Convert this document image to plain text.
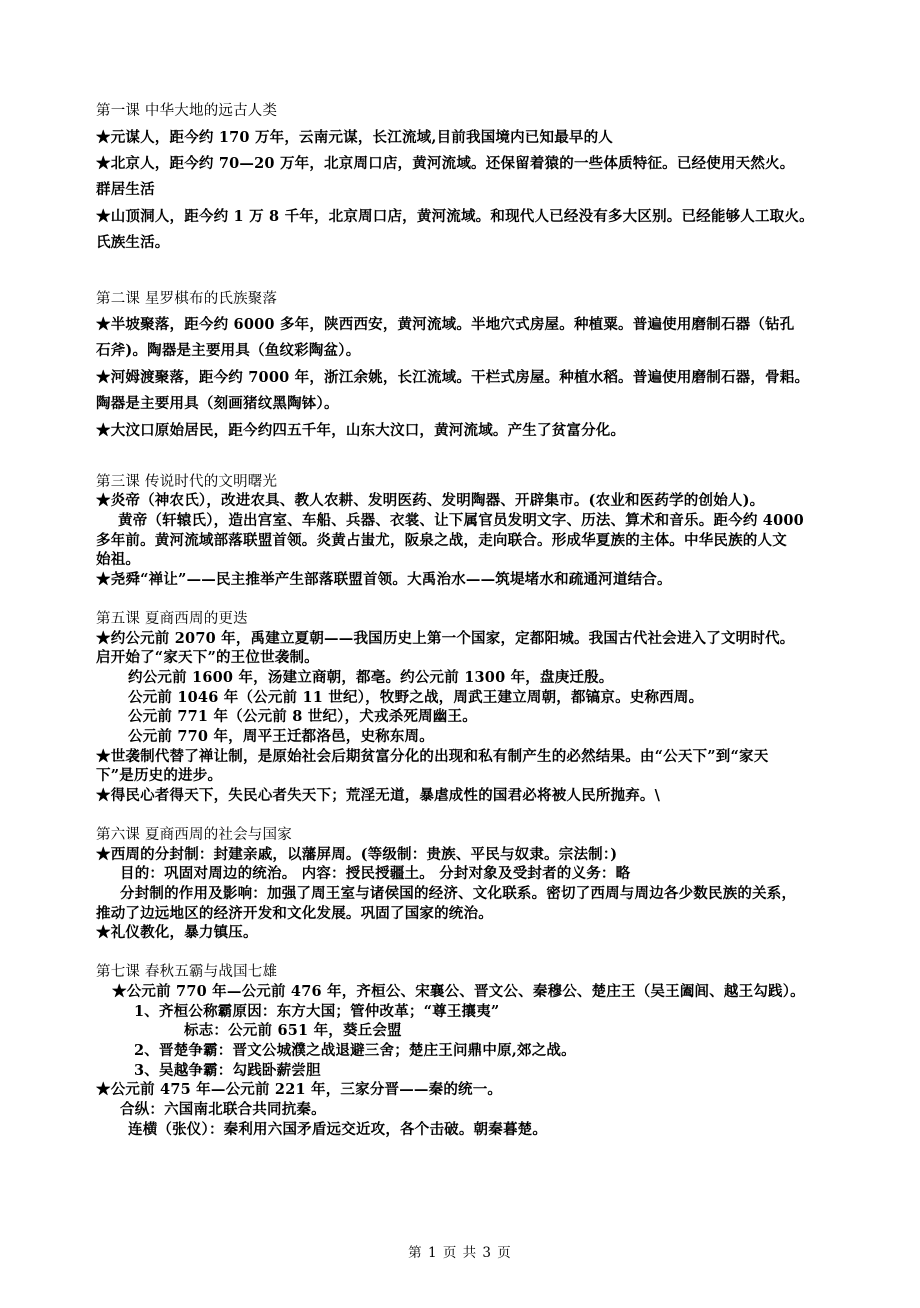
第一课 中华大地的远古人类
★元谋人，距今约 170 万年，云南元谋，长江流域,目前我国境内已知最早的人
★北京人，距今约 70—20 万年，北京周口店，黄河流域。还保留着猿的一些体质特征。已经使用天然火。
群居生活
★山顶洞人，距今约 1 万 8 千年，北京周口店，黄河流域。和现代人已经没有多大区别。已经能够人工取火。
氏族生活。
第二课 星罗棋布的氏族聚落
★半坡聚落，距今约 6000 多年，陕西西安，黄河流域。半地穴式房屋。种植粟。普遍使用磨制石器（钻孔
石斧)。陶器是主要用具（鱼纹彩陶盆）。
★河姆渡聚落，距今约 7000 年，浙江余姚，长江流域。干栏式房屋。种植水稻。普遍使用磨制石器，骨耜。
陶器是主要用具（刻画猪纹黑陶钵）。
★大汶口原始居民，距今约四五千年，山东大汶口，黄河流域。产生了贫富分化。
第三课 传说时代的文明曙光
★炎帝（神农氏），改进农具、教人农耕、发明医药、发明陶器、开辟集市。(农业和医药学的创始人)。
黄帝（轩辕氏），造出宫室、车船、兵器、衣裳、让下属官员发明文字、历法、算术和音乐。距今约 4000
多年前。黄河流域部落联盟首领。炎黄占蚩尤，阪泉之战，走向联合。形成华夏族的主体。中华民族的人文
始祖。
★尧舜“禅让”——民主推举产生部落联盟首领。大禹治水——筑堤堵水和疏通河道结合。
第五课 夏商西周的更迭
★约公元前 2070 年，禹建立夏朝——我国历史上第一个国家，定都阳城。我国古代社会进入了文明时代。
启开始了“家天下”的王位世袭制。
约公元前 1600 年，汤建立商朝，都亳。约公元前 1300 年，盘庚迁殷。
公元前 1046 年（公元前 11 世纪），牧野之战，周武王建立周朝，都镐京。史称西周。
公元前 771 年（公元前 8 世纪），犬戎杀死周幽王。
公元前 770 年，周平王迁都洛邑，史称东周。
★世袭制代替了禅让制，是原始社会后期贫富分化的出现和私有制产生的必然结果。由“公天下”到“家天
下”是历史的进步。
★得民心者得天下，失民心者失天下；荒淫无道，暴虐成性的国君必将被人民所抛弃。\
第六课 夏商西周的社会与国家
★西周的分封制：封建亲戚，以藩屏周。(等级制：贵族、平民与奴隶。宗法制：)
目的：巩固对周边的统治。 内容：授民授疆土。 分封对象及受封者的义务：略
分封制的作用及影响：加强了周王室与诸侯国的经济、文化联系。密切了西周与周边各少数民族的关系，
推动了边远地区的经济开发和文化发展。巩固了国家的统治。
★礼仪教化，暴力镇压。
第七课 春秋五霸与战国七雄
★公元前 770 年—公元前 476 年，齐桓公、宋襄公、晋文公、秦穆公、楚庄王（吴王阖闾、越王勾践）。
1、齐桓公称霸原因：东方大国；管仲改革；“尊王攘夷”
标志：公元前 651 年，葵丘会盟
2、晋楚争霸：晋文公城濮之战退避三舍；楚庄王问鼎中原,郊之战。
3、吴越争霸：勾践卧薪尝胆
★公元前 475 年—公元前 221 年，三家分晋——秦的统一。
合纵：六国南北联合共同抗秦。
连横（张仪）：秦利用六国矛盾远交近攻，各个击破。朝秦暮楚。
第 1 页 共 3 页
